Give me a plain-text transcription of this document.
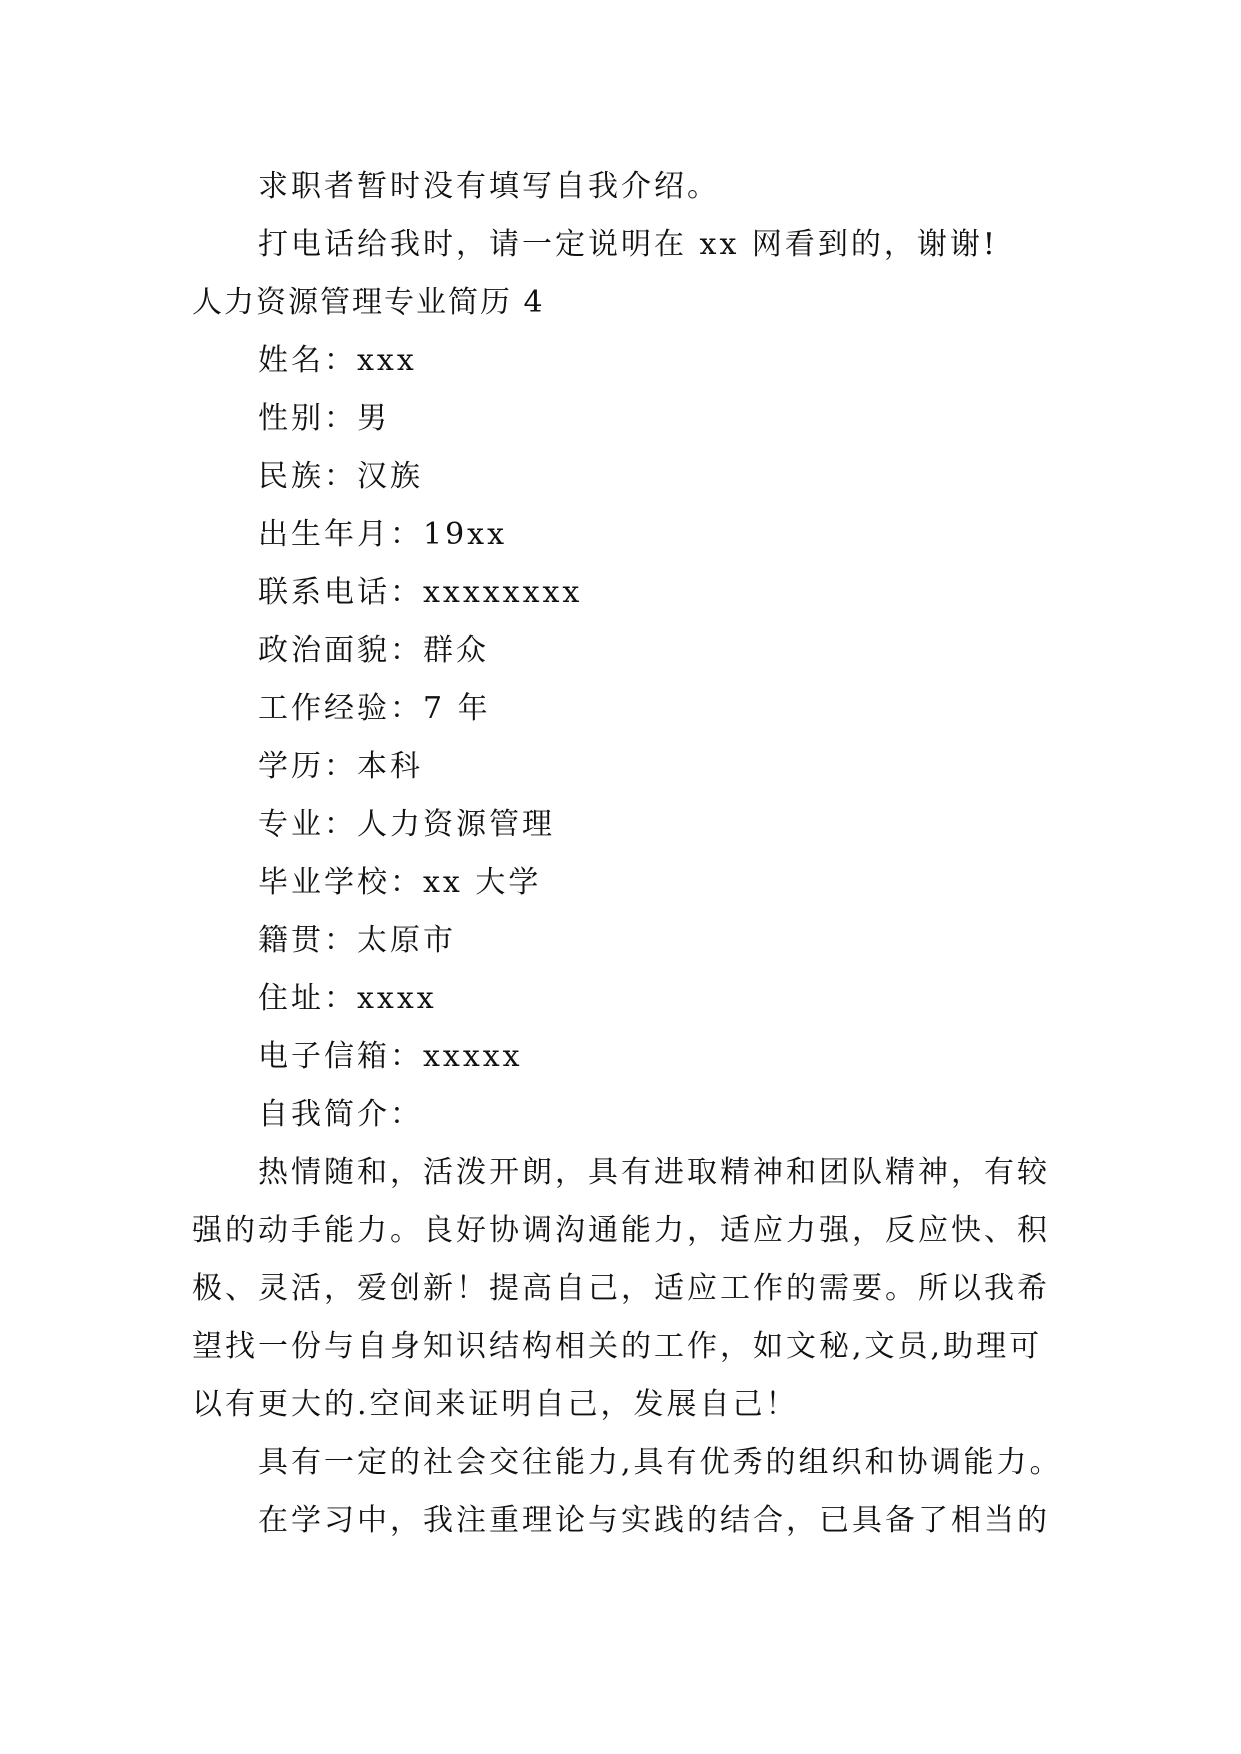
求职者暂时没有填写自我介绍。
打电话给我时，请一定说明在 xx 网看到的，谢谢!
人力资源管理专业简历 4
姓名：xxx
性别：男
民族：汉族
出生年月：19xx
联系电话：xxxxxxxx
政治面貌：群众
工作经验：7 年
学历：本科
专业：人力资源管理
毕业学校：xx 大学
籍贯：太原市
住址：xxxx
电子信箱：xxxxx
自我简介：
热情随和，活泼开朗，具有进取精神和团队精神，有较
强的动手能力。良好协调沟通能力，适应力强，反应快、积
极、灵活，爱创新！提高自己，适应工作的需要。所以我希
望找一份与自身知识结构相关的工作，如文秘,文员,助理可
以有更大的.空间来证明自己，发展自己！
具有一定的社会交往能力,具有优秀的组织和协调能力。
在学习中，我注重理论与实践的结合，已具备了相当的
